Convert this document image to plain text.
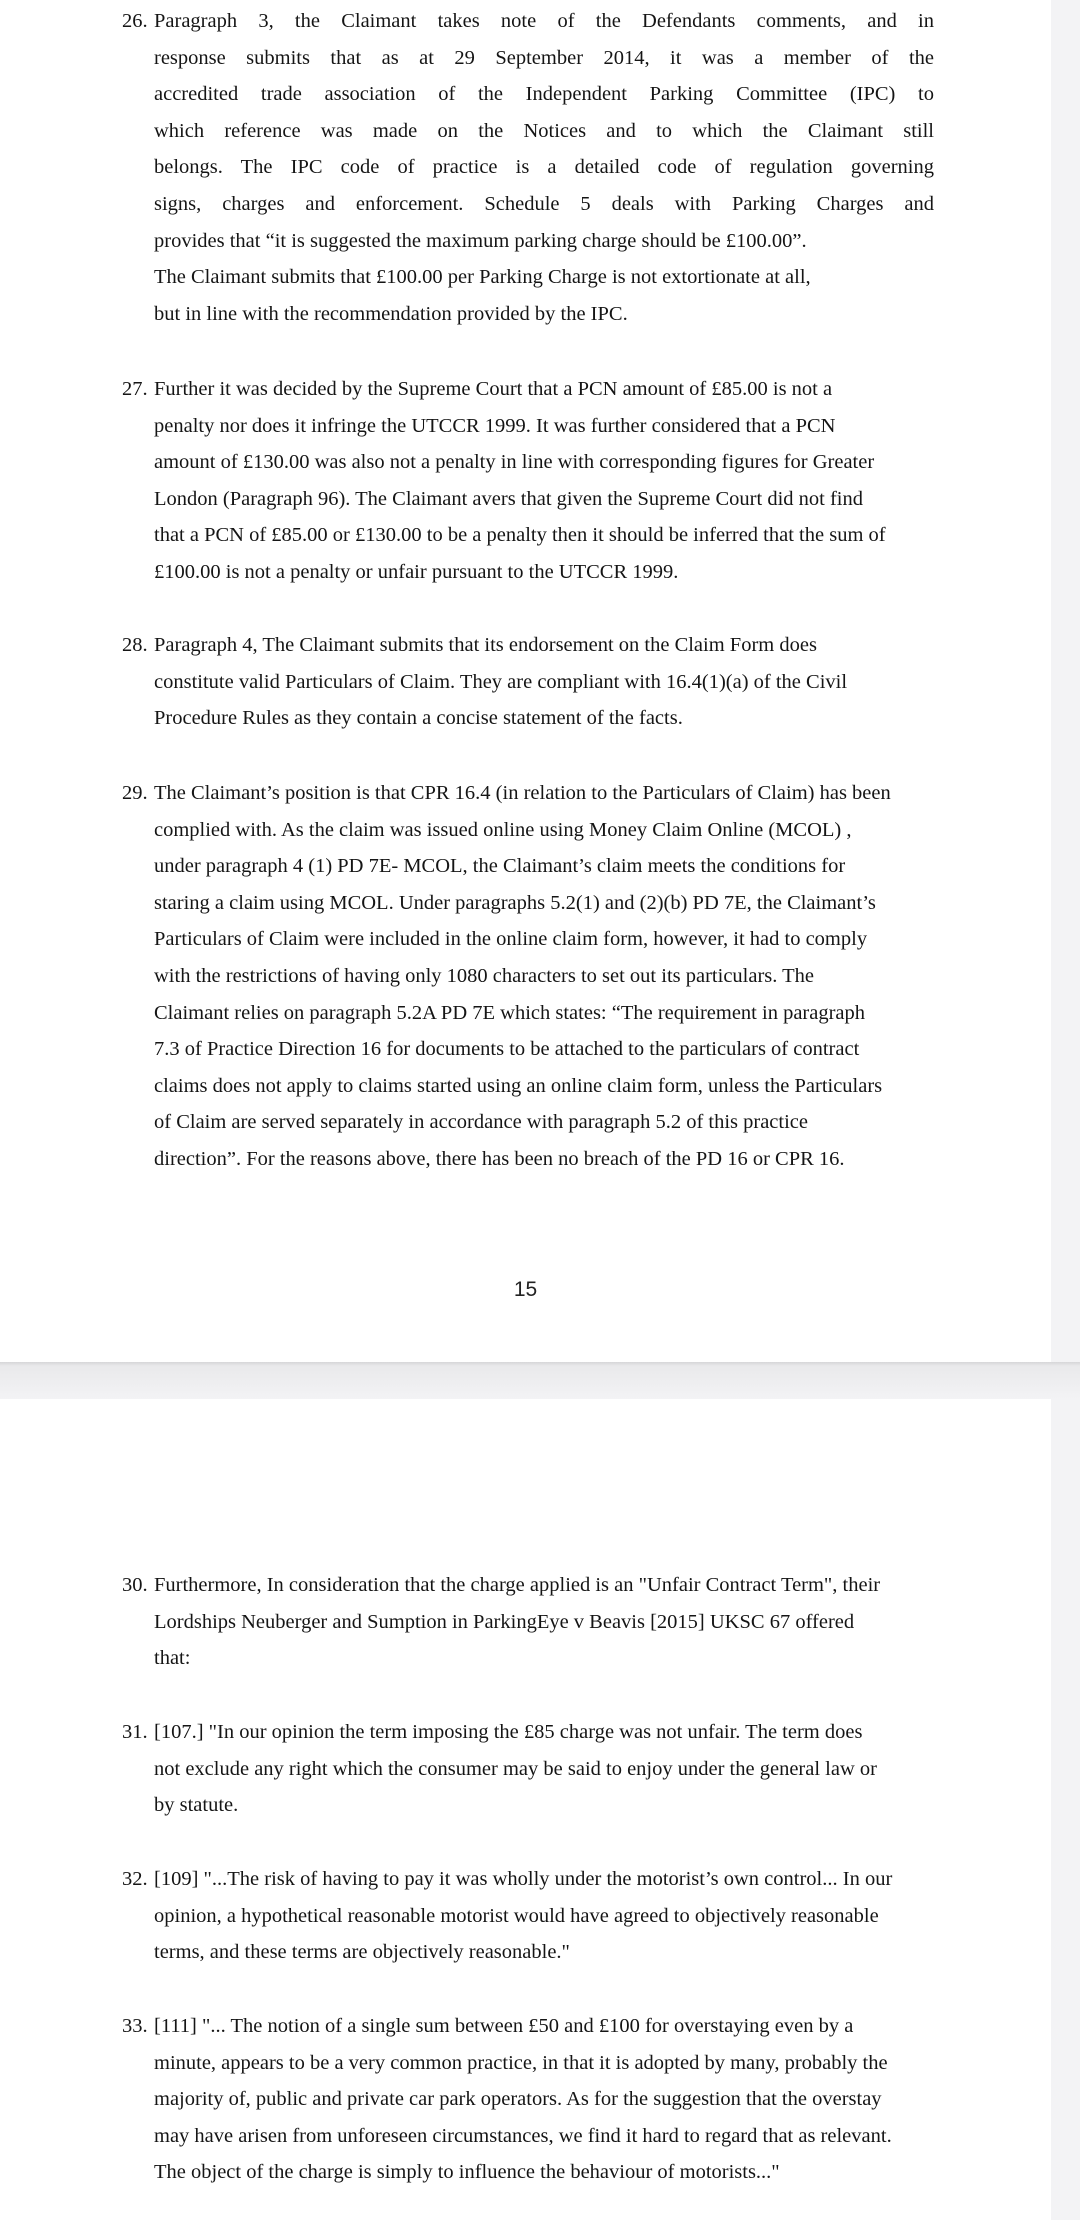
26. Paragraph 3, the Claimant takes note of the Defendants comments, and in
response submits that as at 29 September 2014, it was a member of the
accredited trade association of the Independent Parking Committee (IPC) to
which reference was made on the Notices and to which the Claimant still
belongs. The IPC code of practice is a detailed code of regulation governing
signs, charges and enforcement. Schedule 5 deals with Parking Charges and
provides that “it is suggested the maximum parking charge should be £100.00”.
The Claimant submits that £100.00 per Parking Charge is not extortionate at all,
but in line with the recommendation provided by the IPC.
27. Further it was decided by the Supreme Court that a PCN amount of £85.00 is not a
penalty nor does it infringe the UTCCR 1999. It was further considered that a PCN
amount of £130.00 was also not a penalty in line with corresponding figures for Greater
London (Paragraph 96). The Claimant avers that given the Supreme Court did not find
that a PCN of £85.00 or £130.00 to be a penalty then it should be inferred that the sum of
£100.00 is not a penalty or unfair pursuant to the UTCCR 1999.
28. Paragraph 4, The Claimant submits that its endorsement on the Claim Form does
constitute valid Particulars of Claim. They are compliant with 16.4(1)(a) of the Civil
Procedure Rules as they contain a concise statement of the facts.
29. The Claimant’s position is that CPR 16.4 (in relation to the Particulars of Claim) has been
complied with. As the claim was issued online using Money Claim Online (MCOL) ,
under paragraph 4 (1) PD 7E- MCOL, the Claimant’s claim meets the conditions for
staring a claim using MCOL. Under paragraphs 5.2(1) and (2)(b) PD 7E, the Claimant’s
Particulars of Claim were included in the online claim form, however, it had to comply
with the restrictions of having only 1080 characters to set out its particulars. The
Claimant relies on paragraph 5.2A PD 7E which states: “The requirement in paragraph
7.3 of Practice Direction 16 for documents to be attached to the particulars of contract
claims does not apply to claims started using an online claim form, unless the Particulars
of Claim are served separately in accordance with paragraph 5.2 of this practice
direction”. For the reasons above, there has been no breach of the PD 16 or CPR 16.
15
30. Furthermore, In consideration that the charge applied is an "Unfair Contract Term", their
Lordships Neuberger and Sumption in ParkingEye v Beavis [2015] UKSC 67 offered
that:
31. [107.] "In our opinion the term imposing the £85 charge was not unfair. The term does
not exclude any right which the consumer may be said to enjoy under the general law or
by statute.
32. [109] "...The risk of having to pay it was wholly under the motorist’s own control... In our
opinion, a hypothetical reasonable motorist would have agreed to objectively reasonable
terms, and these terms are objectively reasonable."
33. [111] "... The notion of a single sum between £50 and £100 for overstaying even by a
minute, appears to be a very common practice, in that it is adopted by many, probably the
majority of, public and private car park operators. As for the suggestion that the overstay
may have arisen from unforeseen circumstances, we find it hard to regard that as relevant.
The object of the charge is simply to influence the behaviour of motorists..."
